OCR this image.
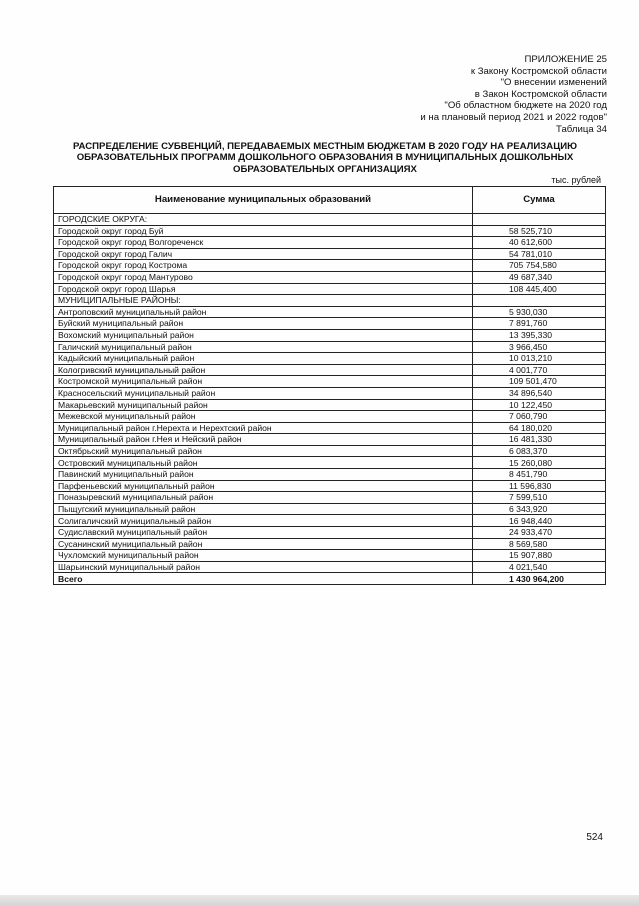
ПРИЛОЖЕНИЕ 25
к Закону Костромской области
"О внесении изменений
в Закон Костромской области
"Об областном бюджете на 2020 год
и на плановый период 2021 и 2022 годов"
Таблица 34
РАСПРЕДЕЛЕНИЕ СУБВЕНЦИЙ, ПЕРЕДАВАЕМЫХ МЕСТНЫМ БЮДЖЕТАМ В 2020 ГОДУ НА РЕАЛИЗАЦИЮ
ОБРАЗОВАТЕЛЬНЫХ ПРОГРАММ ДОШКОЛЬНОГО ОБРАЗОВАНИЯ В МУНИЦИПАЛЬНЫХ ДОШКОЛЬНЫХ
ОБРАЗОВАТЕЛЬНЫХ ОРГАНИЗАЦИЯХ
тыс. рублей
Наименование муниципальных образований	Сумма
ГОРОДСКИЕ ОКРУГА:	
Городской округ город Буй	58 525,710
Городской округ город Волгореченск	40 612,600
Городской округ город Галич	54 781,010
Городской округ город Кострома	705 754,580
Городской округ город Мантурово	49 687,340
Городской округ город Шарья	108 445,400
МУНИЦИПАЛЬНЫЕ РАЙОНЫ:	
Антроповский муниципальный район	5 930,030
Буйский муниципальный район	7 891,760
Вохомский муниципальный район	13 395,330
Галичский муниципальный район	3 966,450
Кадыйский муниципальный район	10 013,210
Кологривский муниципальный район	4 001,770
Костромской муниципальный район	109 501,470
Красносельский муниципальный район	34 896,540
Макарьевский муниципальный район	10 122,450
Межевской муниципальный район	7 060,790
Муниципальный район г.Нерехта и Нерехтский район	64 180,020
Муниципальный район г.Нея и Нейский район	16 481,330
Октябрьский муниципальный район	6 083,370
Островский муниципальный район	15 260,080
Павинский муниципальный район	8 451,790
Парфеньевский муниципальный район	11 596,830
Поназыревский муниципальный район	7 599,510
Пыщугский муниципальный район	6 343,920
Солигаличский муниципальный район	16 948,440
Судиславский муниципальный район	24 933,470
Сусанинский муниципальный район	8 569,580
Чухломский муниципальный район	15 907,880
Шарьинский муниципальный район	4 021,540
Всего	1 430 964,200
524
